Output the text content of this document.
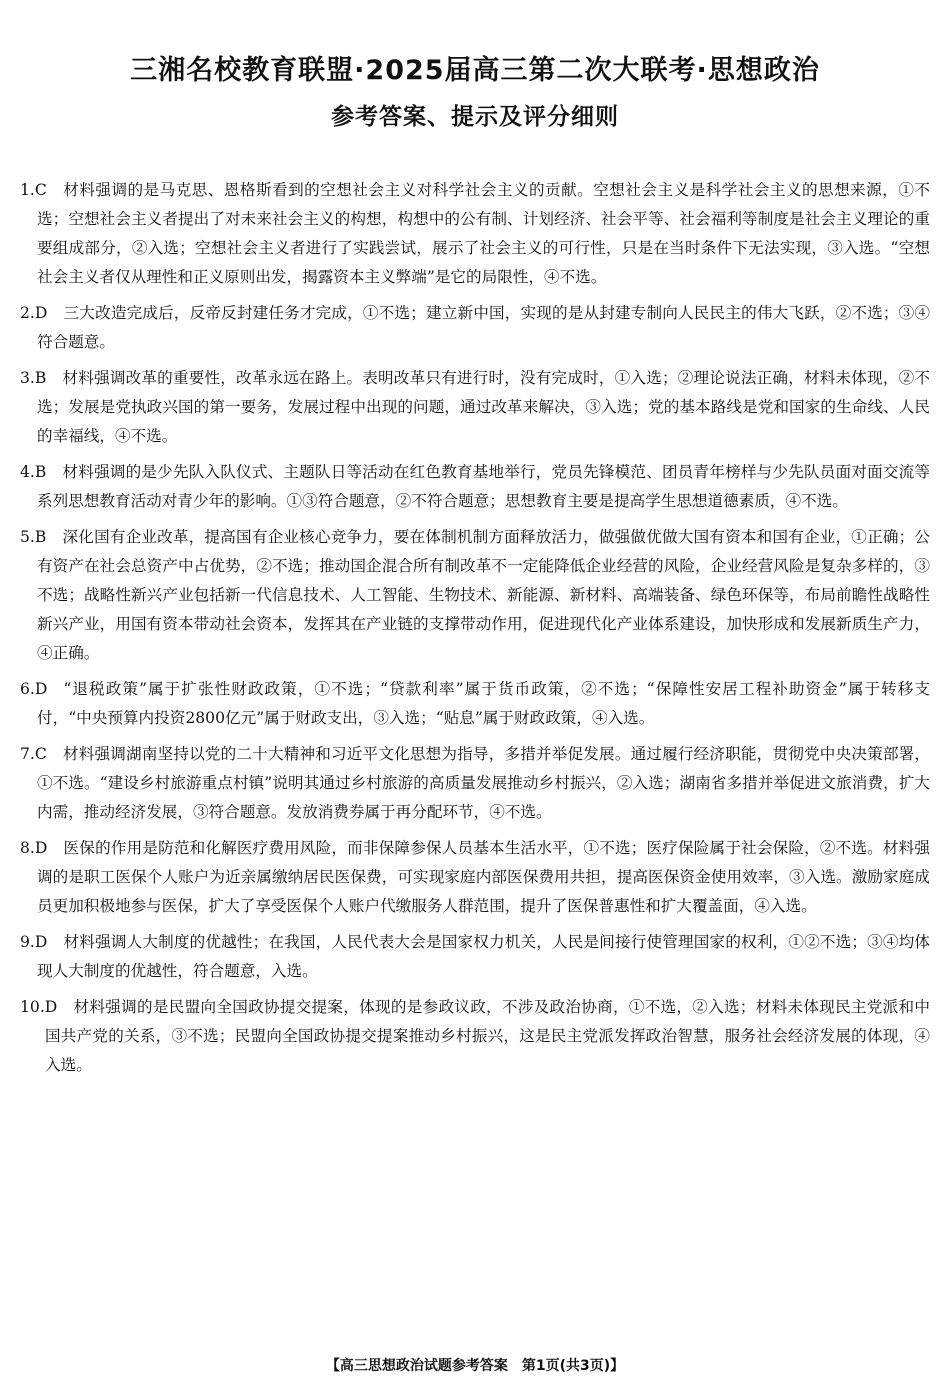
三湘名校教育联盟·2025届高三第二次大联考·思想政治
参考答案、提示及评分细则

1.C 材料强调的是马克思、恩格斯看到的空想社会主义对科学社会主义的贡献。空想社会主义是科学社会主义的思想来源，①不选；空想社会主义者提出了对未来社会主义的构想，构想中的公有制、计划经济、社会平等、社会福利等制度是社会主义理论的重要组成部分，②入选；空想社会主义者进行了实践尝试，展示了社会主义的可行性，只是在当时条件下无法实现，③入选。“空想社会主义者仅从理性和正义原则出发，揭露资本主义弊端”是它的局限性，④不选。

2.D 三大改造完成后，反帝反封建任务才完成，①不选；建立新中国，实现的是从封建专制向人民民主的伟大飞跃，②不选；③④符合题意。

3.B 材料强调改革的重要性，改革永远在路上。表明改革只有进行时，没有完成时，①入选；②理论说法正确，材料未体现，②不选；发展是党执政兴国的第一要务，发展过程中出现的问题，通过改革来解决，③入选；党的基本路线是党和国家的生命线、人民的幸福线，④不选。

4.B 材料强调的是少先队入队仪式、主题队日等活动在红色教育基地举行，党员先锋模范、团员青年榜样与少先队员面对面交流等系列思想教育活动对青少年的影响。①③符合题意，②不符合题意；思想教育主要是提高学生思想道德素质，④不选。

5.B 深化国有企业改革，提高国有企业核心竞争力，要在体制机制方面释放活力，做强做优做大国有资本和国有企业，①正确；公有资产在社会总资产中占优势，②不选；推动国企混合所有制改革不一定能降低企业经营的风险，企业经营风险是复杂多样的，③不选；战略性新兴产业包括新一代信息技术、人工智能、生物技术、新能源、新材料、高端装备、绿色环保等，布局前瞻性战略性新兴产业，用国有资本带动社会资本，发挥其在产业链的支撑带动作用，促进现代化产业体系建设，加快形成和发展新质生产力，④正确。

6.D “退税政策”属于扩张性财政政策，①不选；“贷款利率”属于货币政策，②不选；“保障性安居工程补助资金”属于转移支付，“中央预算内投资2800亿元”属于财政支出，③入选；“贴息”属于财政政策，④入选。

7.C 材料强调湖南坚持以党的二十大精神和习近平文化思想为指导，多措并举促发展。通过履行经济职能，贯彻党中央决策部署，①不选。“建设乡村旅游重点村镇”说明其通过乡村旅游的高质量发展推动乡村振兴，②入选；湖南省多措并举促进文旅消费，扩大内需，推动经济发展，③符合题意。发放消费券属于再分配环节，④不选。

8.D 医保的作用是防范和化解医疗费用风险，而非保障参保人员基本生活水平，①不选；医疗保险属于社会保险，②不选。材料强调的是职工医保个人账户为近亲属缴纳居民医保费，可实现家庭内部医保费用共担，提高医保资金使用效率，③入选。激励家庭成员更加积极地参与医保，扩大了享受医保个人账户代缴服务人群范围，提升了医保普惠性和扩大覆盖面，④入选。

9.D 材料强调人大制度的优越性；在我国，人民代表大会是国家权力机关，人民是间接行使管理国家的权利，①②不选；③④均体现人大制度的优越性，符合题意，入选。

10.D 材料强调的是民盟向全国政协提交提案，体现的是参政议政，不涉及政治协商，①不选，②入选；材料未体现民主党派和中国共产党的关系，③不选；民盟向全国政协提交提案推动乡村振兴，这是民主党派发挥政治智慧，服务社会经济发展的体现，④入选。

【高三思想政治试题参考答案　第1页(共3页)】
